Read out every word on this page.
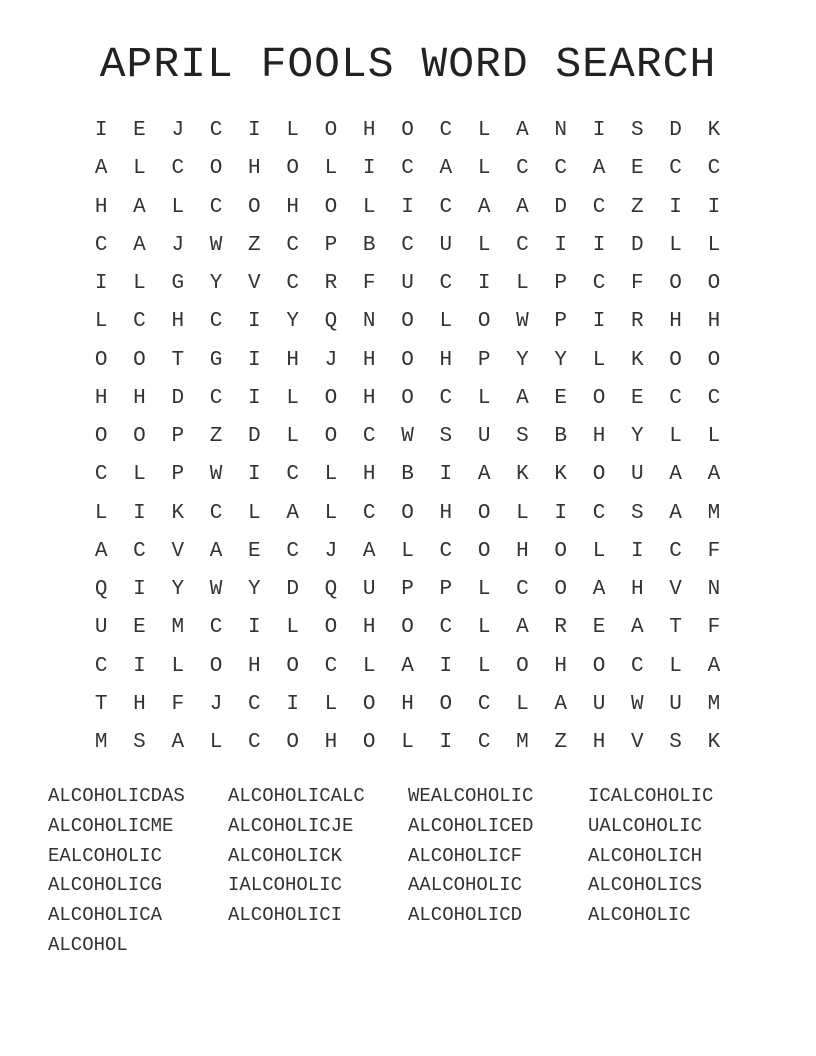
APRIL FOOLS WORD SEARCH
I	E	J	C	I	L	O	H	O	C	L	A	N	I	S	D	K
A	L	C	O	H	O	L	I	C	A	L	C	C	A	E	C	C
H	A	L	C	O	H	O	L	I	C	A	A	D	C	Z	I	I
C	A	J	W	Z	C	P	B	C	U	L	C	I	I	D	L	L
I	L	G	Y	V	C	R	F	U	C	I	L	P	C	F	O	O
L	C	H	C	I	Y	Q	N	O	L	O	W	P	I	R	H	H
O	O	T	G	I	H	J	H	O	H	P	Y	Y	L	K	O	O
H	H	D	C	I	L	O	H	O	C	L	A	E	O	E	C	C
O	O	P	Z	D	L	O	C	W	S	U	S	B	H	Y	L	L
C	L	P	W	I	C	L	H	B	I	A	K	K	O	U	A	A
L	I	K	C	L	A	L	C	O	H	O	L	I	C	S	A	M
A	C	V	A	E	C	J	A	L	C	O	H	O	L	I	C	F
Q	I	Y	W	Y	D	Q	U	P	P	L	C	O	A	H	V	N
U	E	M	C	I	L	O	H	O	C	L	A	R	E	A	T	F
C	I	L	O	H	O	C	L	A	I	L	O	H	O	C	L	A
T	H	F	J	C	I	L	O	H	O	C	L	A	U	W	U	M
M	S	A	L	C	O	H	O	L	I	C	M	Z	H	V	S	K
ALCOHOLICDAS	ALCOHOLICALC	WEALCOHOLIC	ICALCOHOLIC
ALCOHOLICME	ALCOHOLICJE	ALCOHOLICED	UALCOHOLIC
EALCOHOLIC	ALCOHOLICK	ALCOHOLICF	ALCOHOLICH
ALCOHOLICG	IALCOHOLIC	AALCOHOLIC	ALCOHOLICS
ALCOHOLICA	ALCOHOLICI	ALCOHOLICD	ALCOHOLIC
ALCOHOL
